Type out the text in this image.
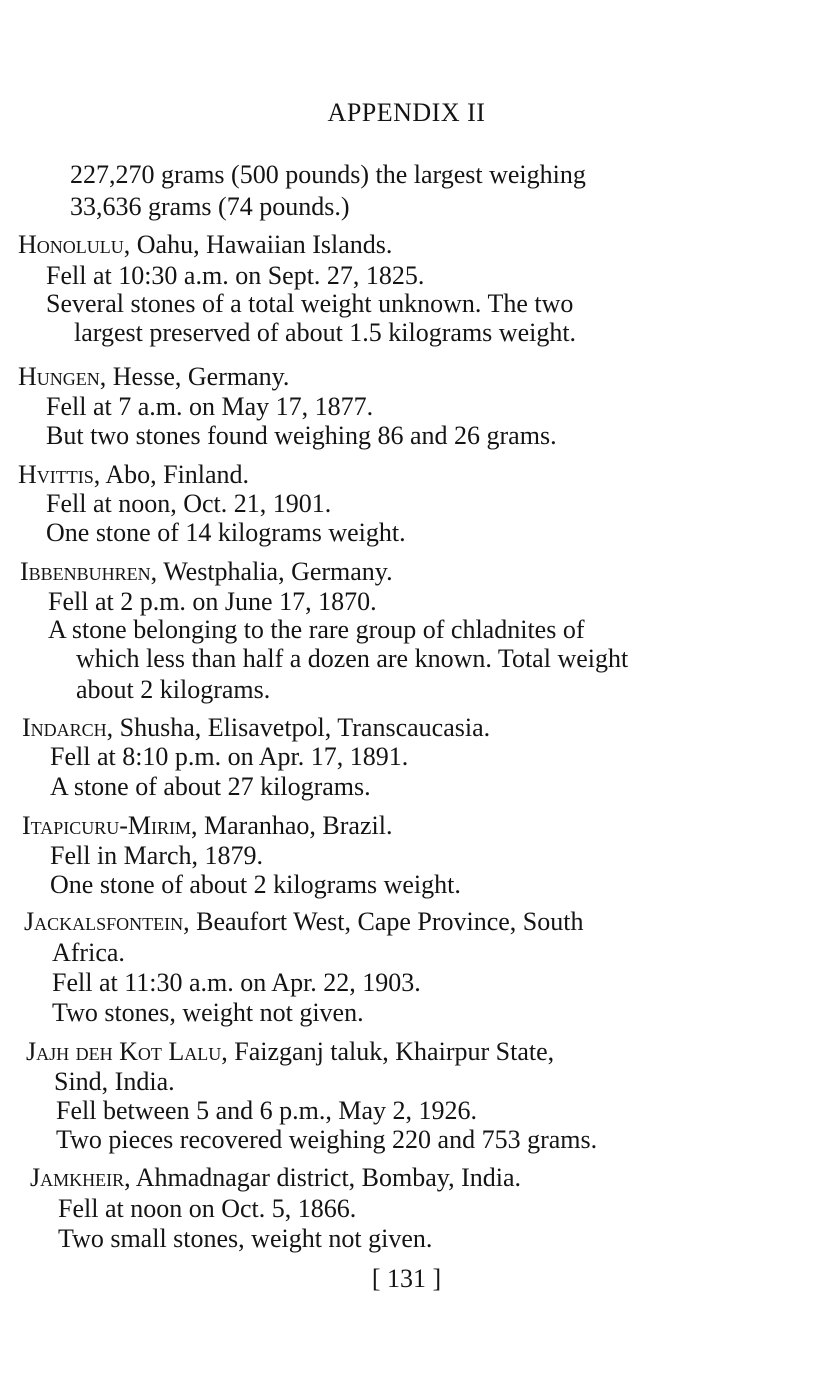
APPENDIX II
227,270 grams (500 pounds) the largest weighing
33,636 grams (74 pounds.)
Honolulu, Oahu, Hawaiian Islands.
Fell at 10:30 a.m. on Sept. 27, 1825.
Several stones of a total weight unknown. The two
largest preserved of about 1.5 kilograms weight.
Hungen, Hesse, Germany.
Fell at 7 a.m. on May 17, 1877.
But two stones found weighing 86 and 26 grams.
Hvittis, Abo, Finland.
Fell at noon, Oct. 21, 1901.
One stone of 14 kilograms weight.
Ibbenbuhren, Westphalia, Germany.
Fell at 2 p.m. on June 17, 1870.
A stone belonging to the rare group of chladnites of
which less than half a dozen are known. Total weight
about 2 kilograms.
Indarch, Shusha, Elisavetpol, Transcaucasia.
Fell at 8:10 p.m. on Apr. 17, 1891.
A stone of about 27 kilograms.
Itapicuru-Mirim, Maranhao, Brazil.
Fell in March, 1879.
One stone of about 2 kilograms weight.
Jackalsfontein, Beaufort West, Cape Province, South
Africa.
Fell at 11:30 a.m. on Apr. 22, 1903.
Two stones, weight not given.
Jajh deh Kot Lalu, Faizganj taluk, Khairpur State,
Sind, India.
Fell between 5 and 6 p.m., May 2, 1926.
Two pieces recovered weighing 220 and 753 grams.
Jamkheir, Ahmadnagar district, Bombay, India.
Fell at noon on Oct. 5, 1866.
Two small stones, weight not given.
[ 131 ]
